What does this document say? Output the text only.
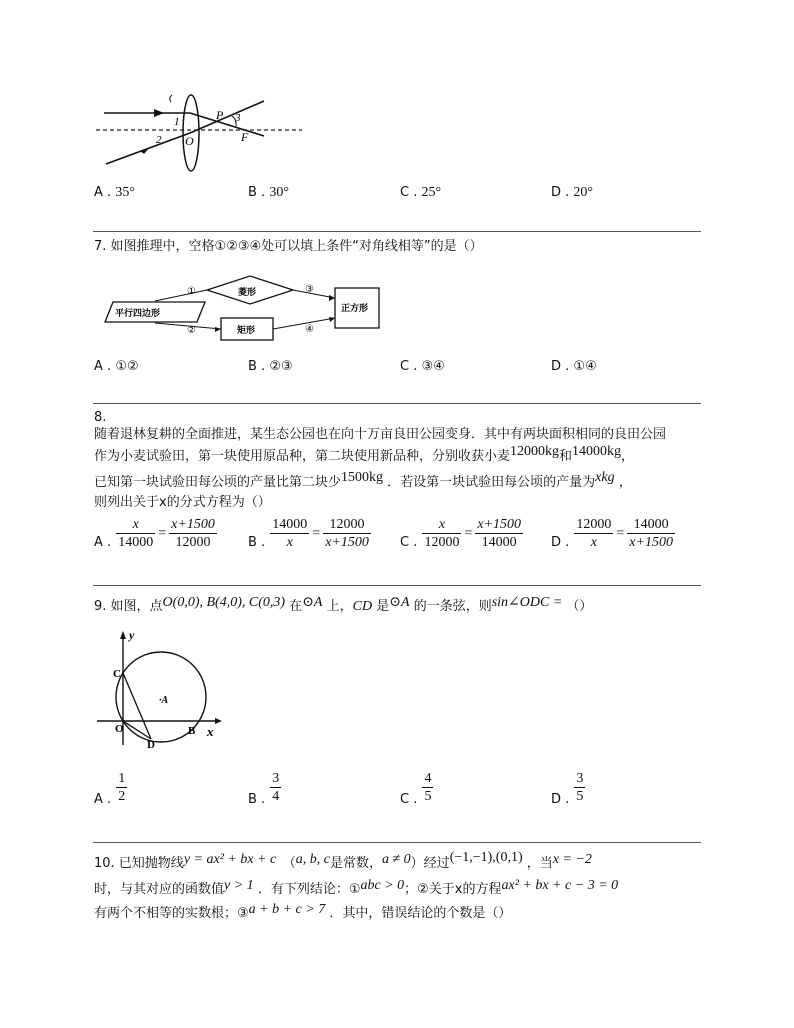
1
2
3
P
O	F
A . 35°	B . 30°	C . 25°	D . 20°
7. 如图推理中，空格①②③④处可以填上条件“对角线相等”的是（）
平行四边形
菱形
矩形
正方形
①
②
③
④
A . ①②	B . ②③	C . ③④	D . ①④
8.
随着退林复耕的全面推进，某生态公园也在向十万亩良田公园变身．其中有两块面积相同的良田公园
作为小麦试验田，第一块使用原品种，第二块使用新品种，分别收获小麦12000kg和14000kg，
已知第一块试验田每公顷的产量比第二块少1500kg ．若设第一块试验田每公顷的产量为xkg ，
则列出关于x的分式方程为（）
$_{A .} \frac{x}{14000} = \frac{x+1500}{12000} _{B .} \frac{14000}{x} = \frac{12000}{x+1500} _{C .} \frac{x}{12000} = \frac{x+1500}{14000} _{D .} \frac{12000}{x} = \frac{14000}{x+1500}$
9. 如图，点O(0,0), B(4,0), C(0,3) 在⊙A 上，CD 是⊙A 的一条弦，则sin∠ODC = （）
y
x
C
·A
O
D
B
$_{A .} \frac{1}{2}$	$_{B .} \frac{3}{4}$	$_{C .} \frac{4}{5}$	$_{D .} \frac{3}{5}$
10. 已知抛物线y = ax² + bx + c　 （a, b, c是常数，a ≠ 0）经过(−1,−1),(0,1) ，当x = −2
时，与其对应的函数值y > 1 ．有下列结论：①abc > 0；②关于x的方程ax² + bx + c − 3 = 0
有两个不相等的实数根；③a + b + c > 7 ．其中，错误结论的个数是（）
